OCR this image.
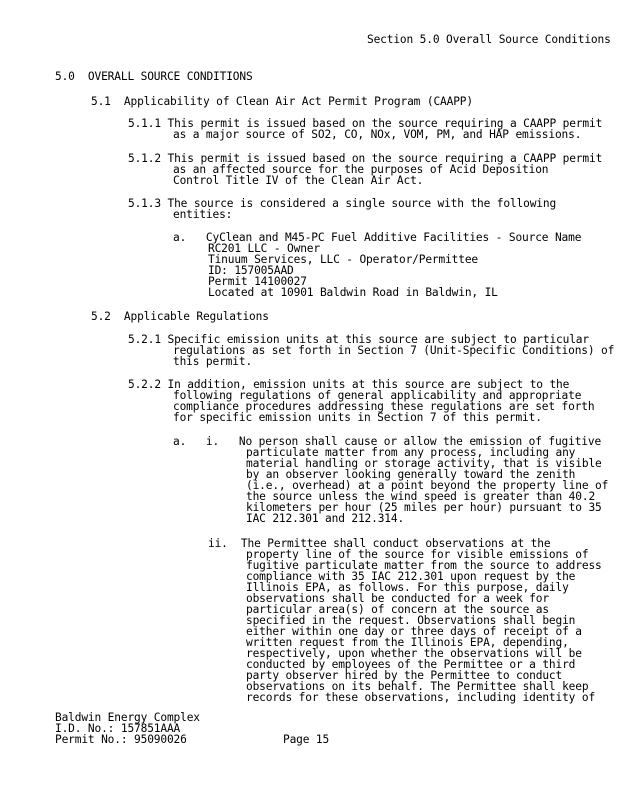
Section 5.0 Overall Source Conditions
5.0  OVERALL SOURCE CONDITIONS
5.1  Applicability of Clean Air Act Permit Program (CAAPP)
5.1.1 This permit is issued based on the source requiring a CAAPP permit
as a major source of SO2, CO, NOx, VOM, PM, and HAP emissions.
5.1.2 This permit is issued based on the source requiring a CAAPP permit
as an affected source for the purposes of Acid Deposition
Control Title IV of the Clean Air Act.
5.1.3 The source is considered a single source with the following
entities:
a.   CyClean and M45-PC Fuel Additive Facilities - Source Name
RC201 LLC - Owner
Tinuum Services, LLC - Operator/Permittee
ID: 157005AAD
Permit 14100027
Located at 10901 Baldwin Road in Baldwin, IL
5.2  Applicable Regulations
5.2.1 Specific emission units at this source are subject to particular
regulations as set forth in Section 7 (Unit-Specific Conditions) of
this permit.
5.2.2 In addition, emission units at this source are subject to the
following regulations of general applicability and appropriate
compliance procedures addressing these regulations are set forth
for specific emission units in Section 7 of this permit.
a.   i.   No person shall cause or allow the emission of fugitive
particulate matter from any process, including any
material handling or storage activity, that is visible
by an observer looking generally toward the zenith
(i.e., overhead) at a point beyond the property line of
the source unless the wind speed is greater than 40.2
kilometers per hour (25 miles per hour) pursuant to 35
IAC 212.301 and 212.314.
ii.  The Permittee shall conduct observations at the
property line of the source for visible emissions of
fugitive particulate matter from the source to address
compliance with 35 IAC 212.301 upon request by the
Illinois EPA, as follows. For this purpose, daily
observations shall be conducted for a week for
particular area(s) of concern at the source as
specified in the request. Observations shall begin
either within one day or three days of receipt of a
written request from the Illinois EPA, depending,
respectively, upon whether the observations will be
conducted by employees of the Permittee or a third
party observer hired by the Permittee to conduct
observations on its behalf. The Permittee shall keep
records for these observations, including identity of
Baldwin Energy Complex
I.D. No.: 157851AAA
Permit No.: 95090026	Page 15
